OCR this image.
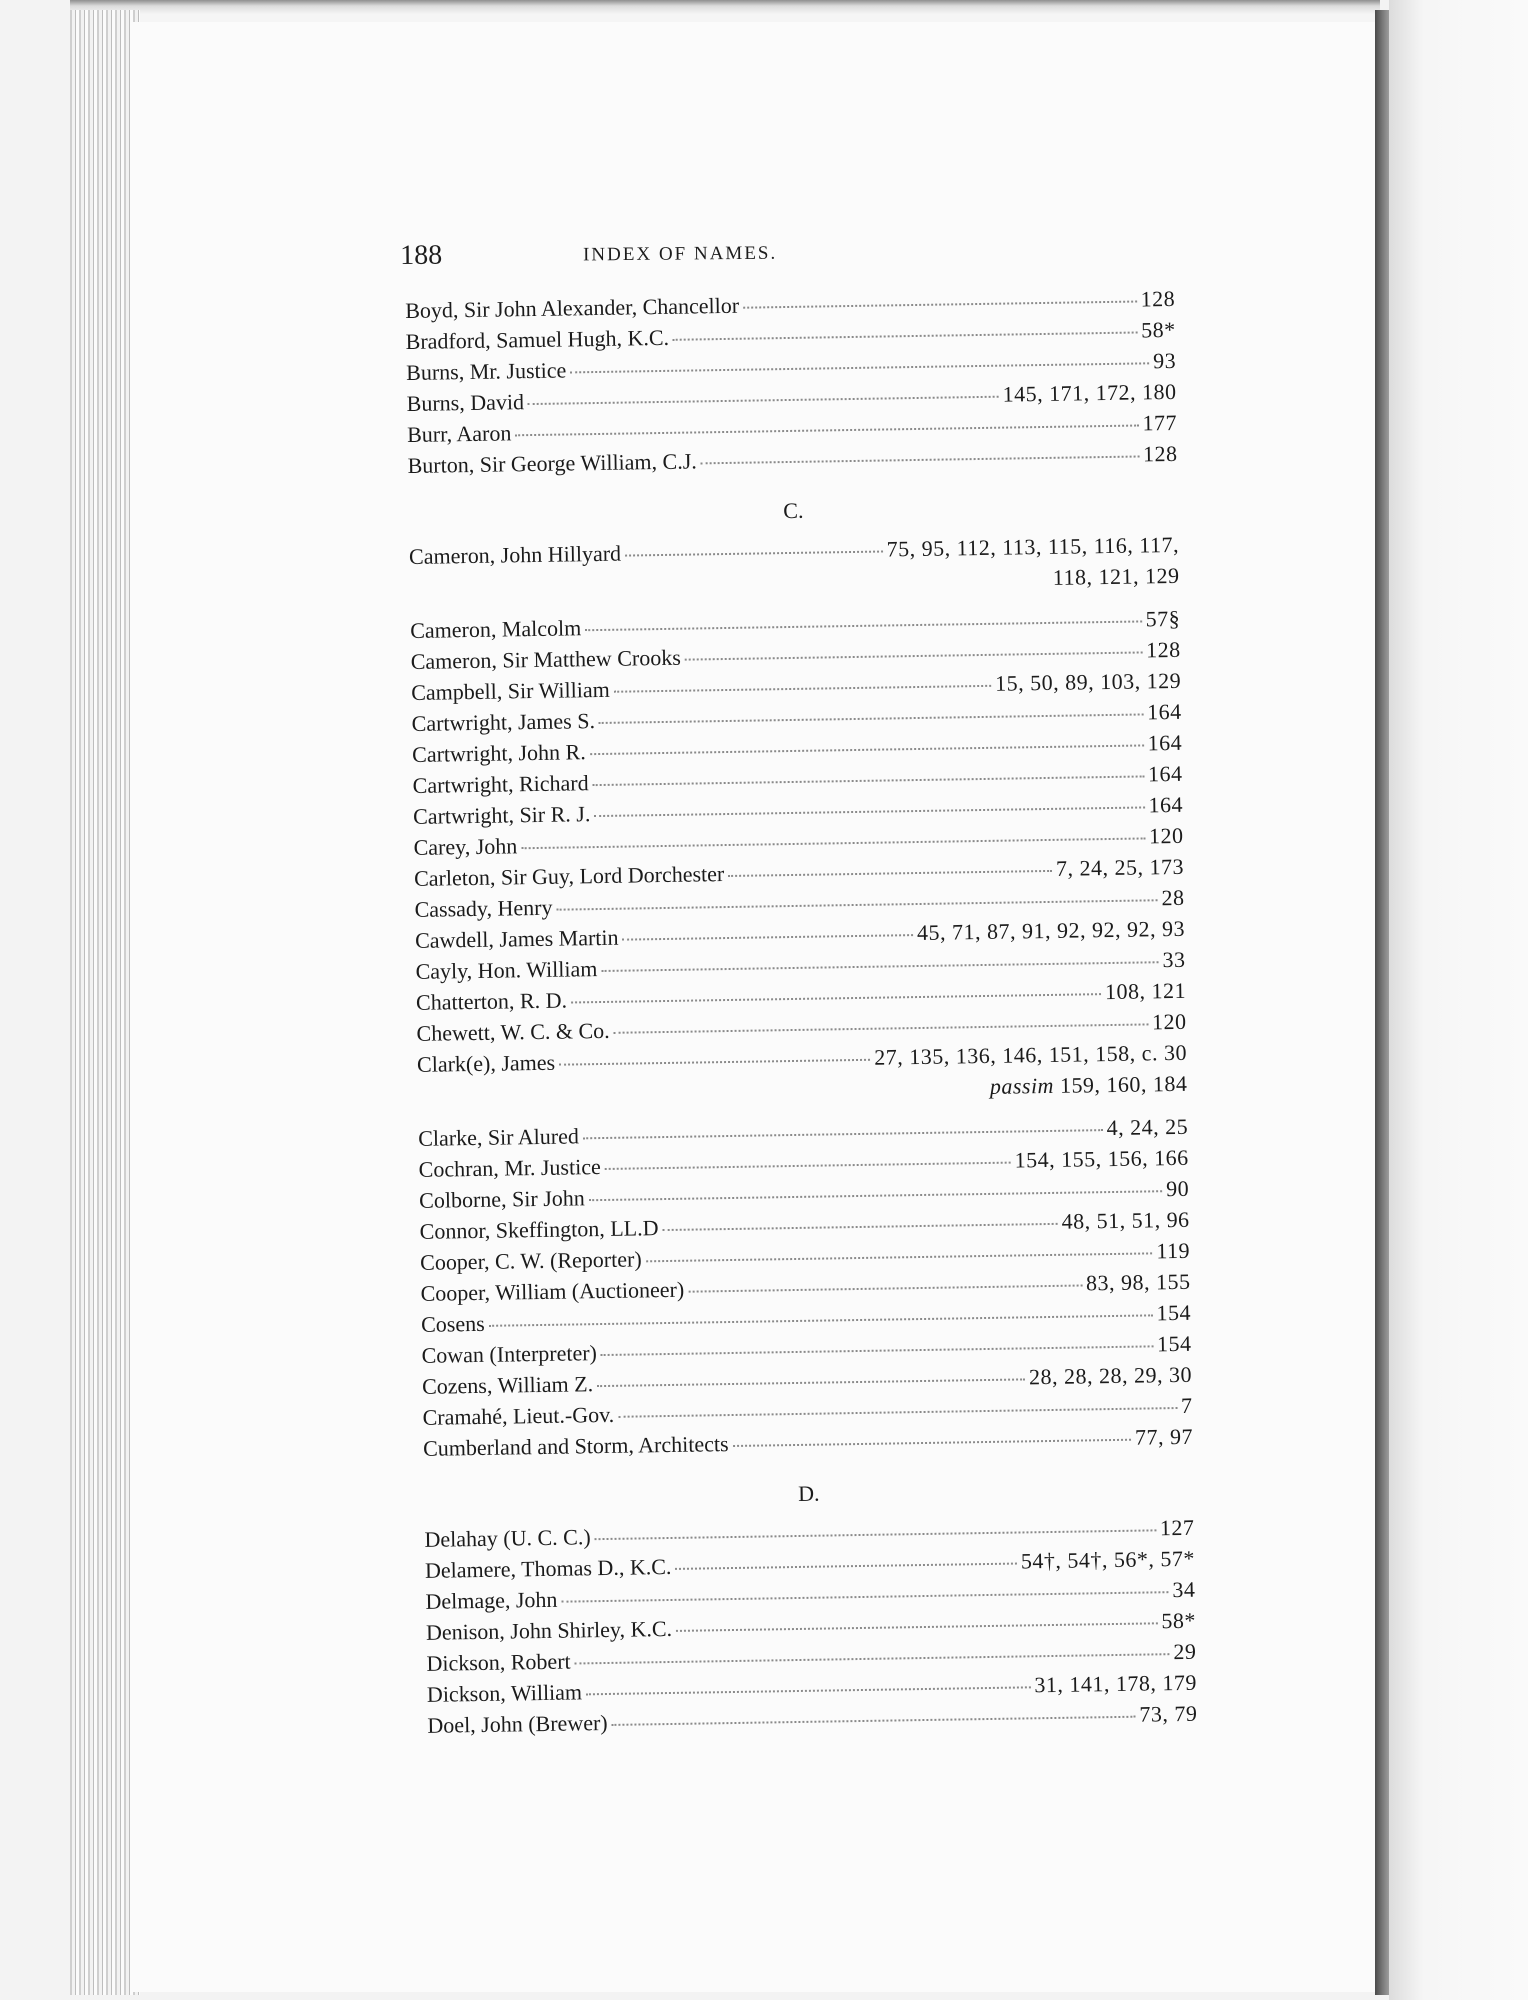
188	INDEX OF NAMES.
Boyd, Sir John Alexander, Chancellor	128
Bradford, Samuel Hugh, K.C.	58*
Burns, Mr. Justice	93
Burns, David	145, 171, 172, 180
Burr, Aaron	177
Burton, Sir George William, C.J.	128
C.
Cameron, John Hillyard	75, 95, 112, 113, 115, 116, 117,
118, 121, 129
Cameron, Malcolm	57§
Cameron, Sir Matthew Crooks	128
Campbell, Sir William	15, 50, 89, 103, 129
Cartwright, James S.	164
Cartwright, John R.	164
Cartwright, Richard	164
Cartwright, Sir R. J.	164
Carey, John	120
Carleton, Sir Guy, Lord Dorchester	7, 24, 25, 173
Cassady, Henry	28
Cawdell, James Martin	45, 71, 87, 91, 92, 92, 92, 93
Cayly, Hon. William	33
Chatterton, R. D.	108, 121
Chewett, W. C. & Co.	120
Clark(e), James	27, 135, 136, 146, 151, 158, c. 30
passim 159, 160, 184
Clarke, Sir Alured	4, 24, 25
Cochran, Mr. Justice	154, 155, 156, 166
Colborne, Sir John	90
Connor, Skeffington, LL.D	48, 51, 51, 96
Cooper, C. W. (Reporter)	119
Cooper, William (Auctioneer)	83, 98, 155
Cosens	154
Cowan (Interpreter)	154
Cozens, William Z.	28, 28, 28, 29, 30
Cramahé, Lieut.-Gov.	7
Cumberland and Storm, Architects	77, 97
D.
Delahay (U. C. C.)	127
Delamere, Thomas D., K.C.	54†, 54†, 56*, 57*
Delmage, John	34
Denison, John Shirley, K.C.	58*
Dickson, Robert	29
Dickson, William	31, 141, 178, 179
Doel, John (Brewer)	73, 79
